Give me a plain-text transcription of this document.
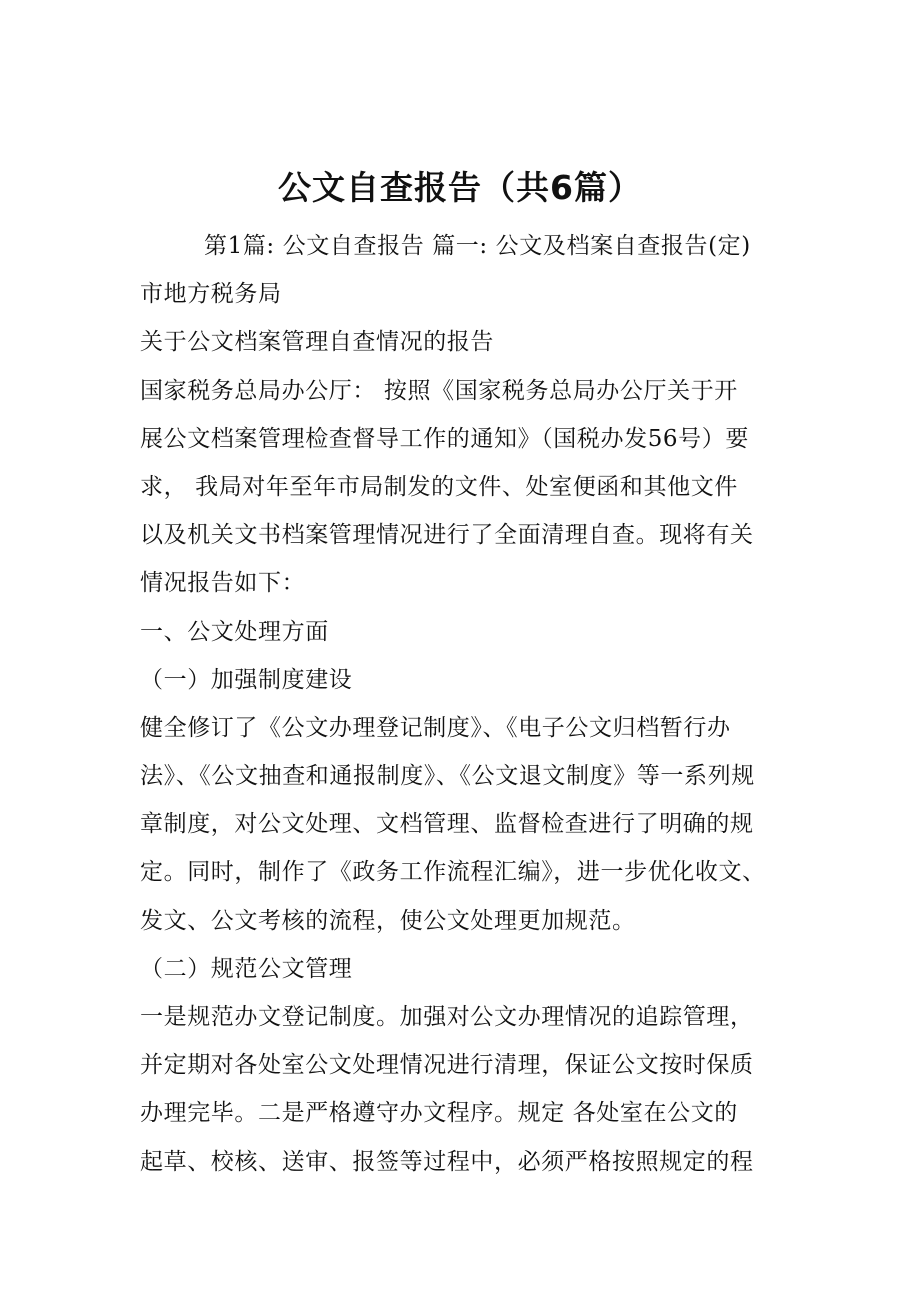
公文自查报告（共6篇）
第1篇: 公文自查报告 篇一: 公文及档案自查报告(定)
市地方税务局
关于公文档案管理自查情况的报告
国家税务总局办公厅： 按照《国家税务总局办公厅关于开
展公文档案管理检查督导工作的通知》（国税办发56号）要
求， 我局对年至年市局制发的文件、处室便函和其他文件
以及机关文书档案管理情况进行了全面清理自查。现将有关
情况报告如下：
一、公文处理方面
（一）加强制度建设
健全修订了《公文办理登记制度》、《电子公文归档暂行办
法》、《公文抽查和通报制度》、《公文退文制度》等一系列规
章制度，对公文处理、文档管理、监督检查进行了明确的规
定。同时，制作了《政务工作流程汇编》，进一步优化收文、
发文、公文考核的流程，使公文处理更加规范。
（二）规范公文管理
一是规范办文登记制度。加强对公文办理情况的追踪管理，
并定期对各处室公文处理情况进行清理，保证公文按时保质
办理完毕。二是严格遵守办文程序。规定 各处室在公文的
起草、校核、送审、报签等过程中，必须严格按照规定的程
